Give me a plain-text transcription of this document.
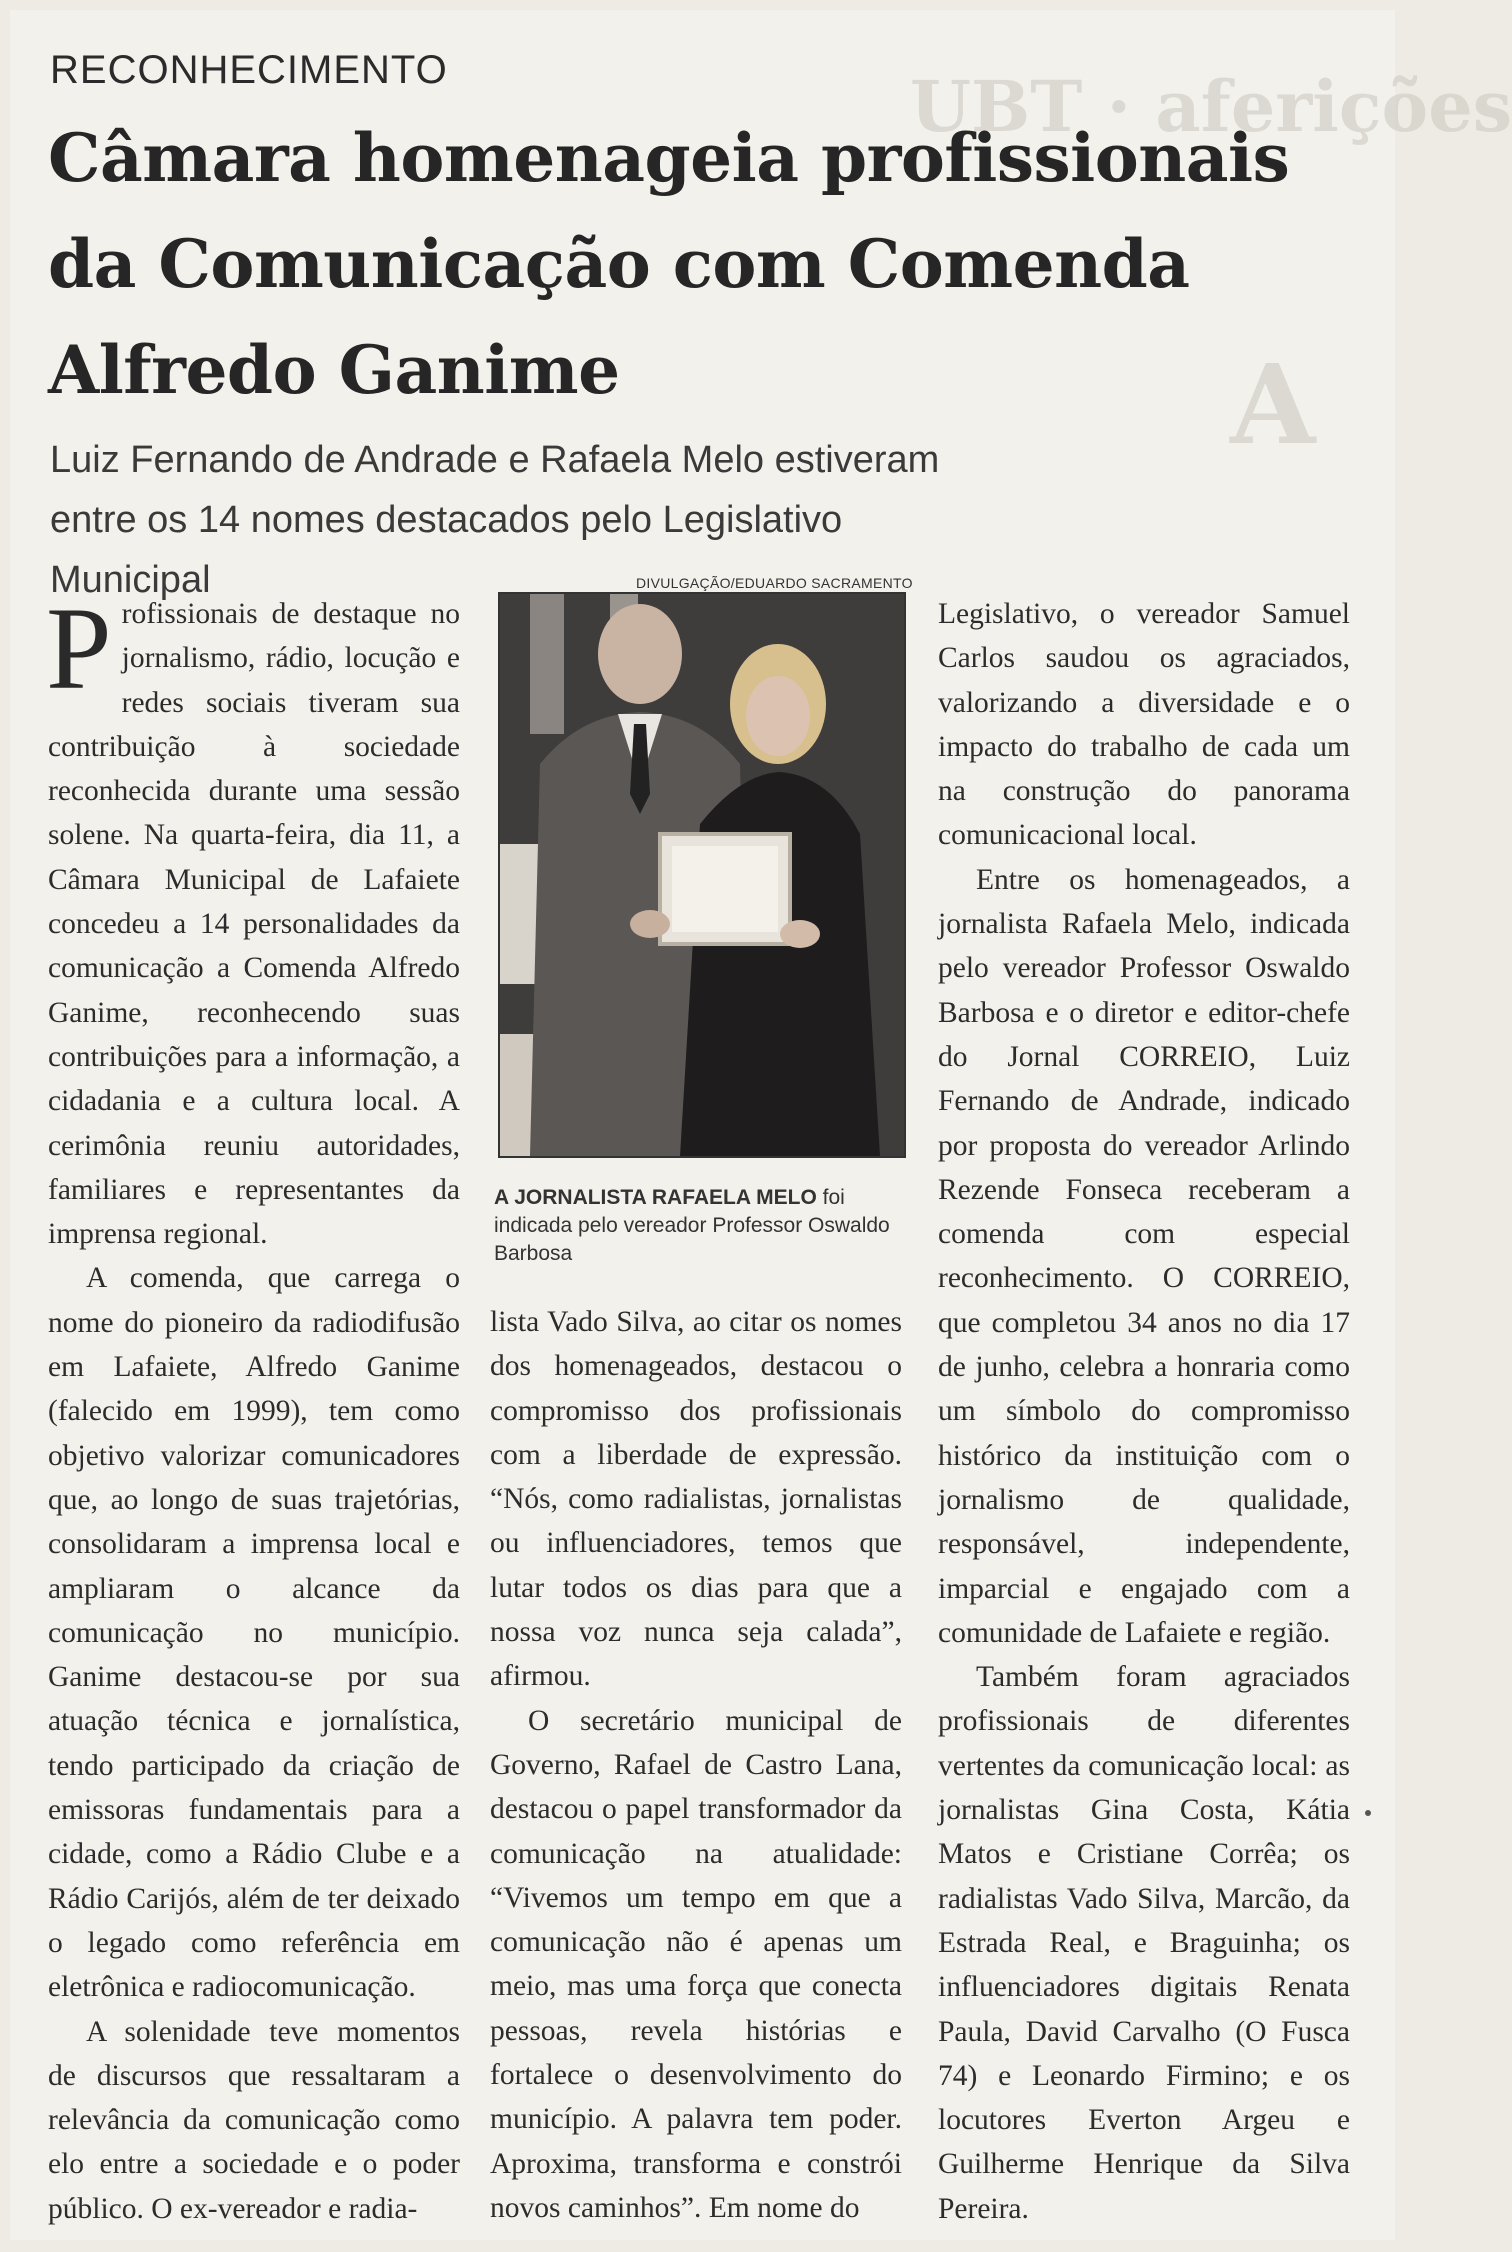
UBT · aferições
A
RECONHECIMENTO
Câmara homenageia profissionais
da Comunicação com Comenda
Alfredo Ganime
Luiz Fernando de Andrade e Rafaela Melo estiveram entre os 14 nomes destacados pelo Legislativo Municipal

Profissionais de destaque no jornalismo, rádio, locução e redes sociais tiveram sua contribuição à sociedade reconhecida durante uma sessão solene. Na quarta-feira, dia 11, a Câmara Municipal de Lafaiete concedeu a 14 personalidades da comunicação a Comenda Alfredo Ganime, reconhecendo suas contribuições para a informação, a cidadania e a cultura local. A cerimônia reuniu autoridades, familiares e representantes da imprensa regional.

A comenda, que carrega o nome do pioneiro da radiodifusão em Lafaiete, Alfredo Ganime (falecido em 1999), tem como objetivo valorizar comunicadores que, ao longo de suas trajetórias, consolidaram a imprensa local e ampliaram o alcance da comunicação no município. Ganime destacou-se por sua atuação técnica e jornalística, tendo participado da criação de emissoras fundamentais para a cidade, como a Rádio Clube e a Rádio Carijós, além de ter deixado o legado como referência em eletrônica e radiocomunicação.

A solenidade teve momentos de discursos que ressaltaram a relevância da comunicação como elo entre a sociedade e o poder público. O ex-vereador e radia-

DIVULGAÇÃO/EDUARDO SACRAMENTO
A JORNALISTA RAFAELA MELO foi indicada pelo vereador Professor Oswaldo Barbosa

lista Vado Silva, ao citar os nomes dos homenageados, destacou o compromisso dos profissionais com a liberdade de expressão. “Nós, como radialistas, jornalistas ou influenciadores, temos que lutar todos os dias para que a nossa voz nunca seja calada”, afirmou.

O secretário municipal de Governo, Rafael de Castro Lana, destacou o papel transformador da comunicação na atualidade: “Vivemos um tempo em que a comunicação não é apenas um meio, mas uma força que conecta pessoas, revela histórias e fortalece o desenvolvimento do município. A palavra tem poder. Aproxima, transforma e constrói novos caminhos”. Em nome do

Legislativo, o vereador Samuel Carlos saudou os agraciados, valorizando a diversidade e o impacto do trabalho de cada um na construção do panorama comunicacional local.

Entre os homenageados, a jornalista Rafaela Melo, indicada pelo vereador Professor Oswaldo Barbosa e o diretor e editor-chefe do Jornal CORREIO, Luiz Fernando de Andrade, indicado por proposta do vereador Arlindo Rezende Fonseca receberam a comenda com especial reconhecimento. O CORREIO, que completou 34 anos no dia 17 de junho, celebra a honraria como um símbolo do compromisso histórico da instituição com o jornalismo de qualidade, responsável, independente, imparcial e engajado com a comunidade de Lafaiete e região.

Também foram agraciados profissionais de diferentes vertentes da comunicação local: as jornalistas Gina Costa, Kátia Matos e Cristiane Corrêa; os radialistas Vado Silva, Marcão, da Estrada Real, e Braguinha; os influenciadores digitais Renata Paula, David Carvalho (O Fusca 74) e Leonardo Firmino; e os locutores Everton Argeu e Guilherme Henrique da Silva Pereira.
